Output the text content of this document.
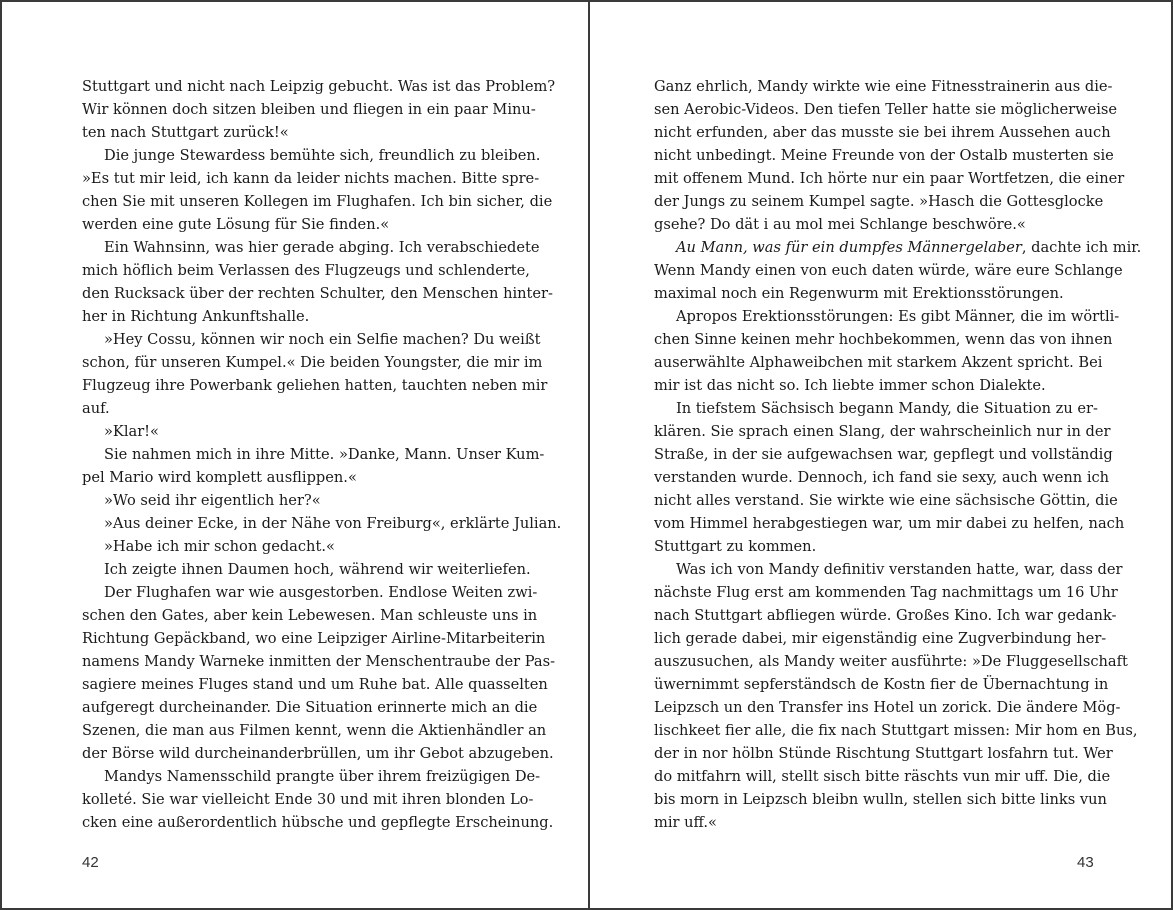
Stuttgart und nicht nach Leipzig gebucht. Was ist das Problem?
Wir können doch sitzen bleiben und fliegen in ein paar Minu-
ten nach Stuttgart zurück!«
Die junge Stewardess bemühte sich, freundlich zu bleiben.
»Es tut mir leid, ich kann da leider nichts machen. Bitte spre-
chen Sie mit unseren Kollegen im Flughafen. Ich bin sicher, die
werden eine gute Lösung für Sie finden.«
Ein Wahnsinn, was hier gerade abging. Ich verabschiedete
mich höflich beim Verlassen des Flugzeugs und schlenderte,
den Rucksack über der rechten Schulter, den Menschen hinter-
her in Richtung Ankunftshalle.
»Hey Cossu, können wir noch ein Selfie machen? Du weißt
schon, für unseren Kumpel.« Die beiden Youngster, die mir im
Flugzeug ihre Powerbank geliehen hatten, tauchten neben mir
auf.
»Klar!«
Sie nahmen mich in ihre Mitte. »Danke, Mann. Unser Kum-
pel Mario wird komplett ausflippen.«
»Wo seid ihr eigentlich her?«
»Aus deiner Ecke, in der Nähe von Freiburg«, erklärte Julian.
»Habe ich mir schon gedacht.«
Ich zeigte ihnen Daumen hoch, während wir weiterliefen.
Der Flughafen war wie ausgestorben. Endlose Weiten zwi-
schen den Gates, aber kein Lebewesen. Man schleuste uns in
Richtung Gepäckband, wo eine Leipziger Airline-Mitarbeiterin
namens Mandy Warneke inmitten der Menschentraube der Pas-
sagiere meines Fluges stand und um Ruhe bat. Alle quasselten
aufgeregt durcheinander. Die Situation erinnerte mich an die
Szenen, die man aus Filmen kennt, wenn die Aktienhändler an
der Börse wild durcheinanderbrüllen, um ihr Gebot abzugeben.
Mandys Namensschild prangte über ihrem freizügigen De-
kolleté. Sie war vielleicht Ende 30 und mit ihren blonden Lo-
cken eine außerordentlich hübsche und gepflegte Erscheinung.
Ganz ehrlich, Mandy wirkte wie eine Fitnesstrainerin aus die-
sen Aerobic-Videos. Den tiefen Teller hatte sie möglicherweise
nicht erfunden, aber das musste sie bei ihrem Aussehen auch
nicht unbedingt. Meine Freunde von der Ostalb musterten sie
mit offenem Mund. Ich hörte nur ein paar Wortfetzen, die einer
der Jungs zu seinem Kumpel sagte. »Hasch die Gottesglocke
gsehe? Do dät i au mol mei Schlange beschwöre.«
Au Mann, was für ein dumpfes Männergelaber, dachte ich mir.
Wenn Mandy einen von euch daten würde, wäre eure Schlange
maximal noch ein Regenwurm mit Erektionsstörungen.
Apropos Erektionsstörungen: Es gibt Männer, die im wörtli-
chen Sinne keinen mehr hochbekommen, wenn das von ihnen
auserwählte Alphaweibchen mit starkem Akzent spricht. Bei
mir ist das nicht so. Ich liebte immer schon Dialekte.
In tiefstem Sächsisch begann Mandy, die Situation zu er-
klären. Sie sprach einen Slang, der wahrscheinlich nur in der
Straße, in der sie aufgewachsen war, gepflegt und vollständig
verstanden wurde. Dennoch, ich fand sie sexy, auch wenn ich
nicht alles verstand. Sie wirkte wie eine sächsische Göttin, die
vom Himmel herabgestiegen war, um mir dabei zu helfen, nach
Stuttgart zu kommen.
Was ich von Mandy definitiv verstanden hatte, war, dass der
nächste Flug erst am kommenden Tag nachmittags um 16 Uhr
nach Stuttgart abfliegen würde. Großes Kino. Ich war gedank-
lich gerade dabei, mir eigenständig eine Zugverbindung her-
auszusuchen, als Mandy weiter ausführte: »De Fluggesellschaft
üwernimmt sepferständsch de Kostn fier de Übernachtung in
Leipzsch un den Transfer ins Hotel un zorick. Die ändere Mög-
lischkeet fier alle, die fix nach Stuttgart missen: Mir hom en Bus,
der in nor hölbn Stünde Rischtung Stuttgart losfahrn tut. Wer
do mitfahrn will, stellt sisch bitte räschts vun mir uff. Die, die
bis morn in Leipzsch bleibn wulln, stellen sich bitte links vun
mir uff.«
42	43
